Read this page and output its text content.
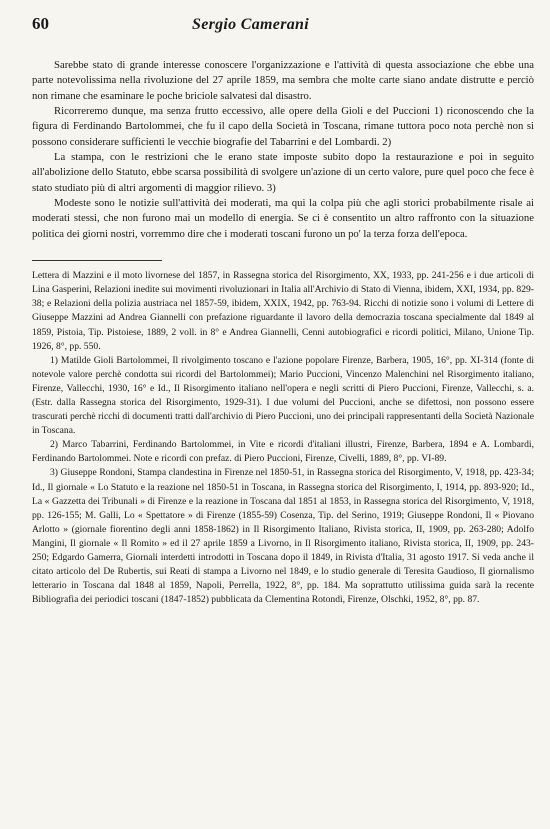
60	Sergio Camerani

Sarebbe stato di grande interesse conoscere l'organizzazione e l'attività di questa associazione che ebbe una parte notevolissima nella rivoluzione del 27 aprile 1859, ma sembra che molte carte siano andate distrutte e perciò non rimane che esaminare le poche briciole salvatesi dal disastro.

Ricorreremo dunque, ma senza frutto eccessivo, alle opere della Gioli e del Puccioni 1) riconoscendo che la figura di Ferdinando Bartolommei, che fu il capo della Società in Toscana, rimane tuttora poco nota perchè non si possono considerare sufficienti le vecchie biografie del Tabarrini e del Lombardi. 2)

La stampa, con le restrizioni che le erano state imposte subito dopo la restaurazione e poi in seguito all'abolizione dello Statuto, ebbe scarsa possibilità di svolgere un'azione di un certo valore, pure quel poco che fece è stato studiato più di altri argomenti di maggior rilievo. 3)

Modeste sono le notizie sull'attività dei moderati, ma qui la colpa più che agli storici probabilmente risale ai moderati stessi, che non furono mai un modello di energia. Se ci è consentito un altro raffronto con la situazione politica dei giorni nostri, vorremmo dire che i moderati toscani furono un po' la terza forza dell'epoca.

Lettera di Mazzini e il moto livornese del 1857, in Rassegna storica del Risorgimento, XX, 1933, pp. 241-256 e i due articoli di Lina Gasperini, Relazioni inedite sui movimenti rivoluzionari in Italia all'Archivio di Stato di Vienna, ibidem, XXI, 1934, pp. 829-38; e Relazioni della polizia austriaca nel 1857-59, ibidem, XXIX, 1942, pp. 763-94. Ricchi di notizie sono i volumi di Lettere di Giuseppe Mazzini ad Andrea Giannelli con prefazione riguardante il lavoro della democrazia toscana specialmente dal 1849 al 1859, Pistoia, Tip. Pistoiese, 1889, 2 voll. in 8° e Andrea Giannelli, Cenni autobiografici e ricordi politici, Milano, Unione Tip. 1926, 8°, pp. 550.

1) Matilde Gioli Bartolommei, Il rivolgimento toscano e l'azione popolare Firenze, Barbera, 1905, 16°, pp. XI-314 (fonte di notevole valore perchè condotta sui ricordi del Bartolommei); Mario Puccioni, Vincenzo Malenchini nel Risorgimento italiano, Firenze, Vallecchi, 1930, 16° e Id., Il Risorgimento italiano nell'opera e negli scritti di Piero Puccioni, Firenze, Vallecchi, s. a. (Estr. dalla Rassegna storica del Risorgimento, 1929-31). I due volumi del Puccioni, anche se difettosi, non possono essere trascurati perchè ricchi di documenti tratti dall'archivio di Piero Puccioni, uno dei principali rappresentanti della Società Nazionale in Toscana.

2) Marco Tabarrini, Ferdinando Bartolommei, in Vite e ricordi d'italiani illustri, Firenze, Barbera, 1894 e A. Lombardi, Ferdinando Bartolommei. Note e ricordi con prefaz. di Piero Puccioni, Firenze, Civelli, 1889, 8°, pp. VI-89.

3) Giuseppe Rondoni, Stampa clandestina in Firenze nel 1850-51, in Rassegna storica del Risorgimento, V, 1918, pp. 423-34; Id., Il giornale « Lo Statuto e la reazione nel 1850-51 in Toscana, in Rassegna storica del Risorgimento, I, 1914, pp. 893-920; Id., La « Gazzetta dei Tribunali » di Firenze e la reazione in Toscana dal 1851 al 1853, in Rassegna storica del Risorgimento, V, 1918, pp. 126-155; M. Galli, Lo « Spettatore » di Firenze (1855-59) Cosenza, Tip. del Serino, 1919; Giuseppe Rondoni, Il « Piovano Arlotto » (giornale fiorentino degli anni 1858-1862) in Il Risorgimento Italiano, Rivista storica, II, 1909, pp. 263-280; Adolfo Mangini, Il giornale « Il Romito » ed il 27 aprile 1859 a Livorno, in Il Risorgimento italiano, Rivista storica, II, 1909, pp. 243-250; Edgardo Gamerra, Giornali interdetti introdotti in Toscana dopo il 1849, in Rivista d'Italia, 31 agosto 1917. Si veda anche il citato articolo del De Rubertis, sui Reati di stampa a Livorno nel 1849, e lo studio generale di Teresita Gaudioso, Il giornalismo letterario in Toscana dal 1848 al 1859, Napoli, Perrella, 1922, 8°, pp. 184. Ma soprattutto utilissima guida sarà la recente Bibliografia dei periodici toscani (1847-1852) pubblicata da Clementina Rotondi, Firenze, Olschki, 1952, 8°, pp. 87.
